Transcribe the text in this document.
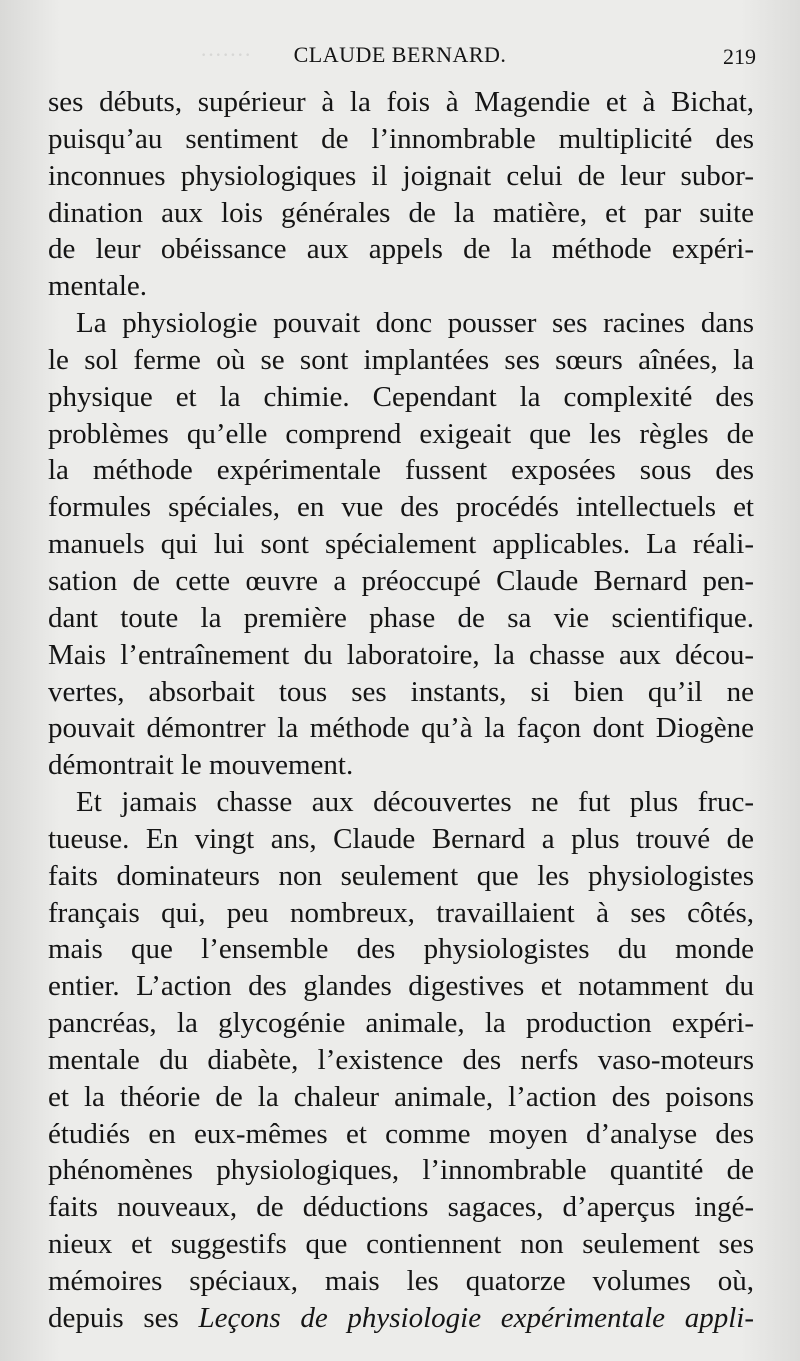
·······	CLAUDE BERNARD.	219
ses débuts, supérieur à la fois à Magendie et à Bichat,
puisqu’au sentiment de l’innombrable multiplicité des
inconnues physiologiques il joignait celui de leur subor-
dination aux lois générales de la matière, et par suite
de leur obéissance aux appels de la méthode expéri-
mentale.
La physiologie pouvait donc pousser ses racines dans
le sol ferme où se sont implantées ses sœurs aînées, la
physique et la chimie. Cependant la complexité des
problèmes qu’elle comprend exigeait que les règles de
la méthode expérimentale fussent exposées sous des
formules spéciales, en vue des procédés intellectuels et
manuels qui lui sont spécialement applicables. La réali-
sation de cette œuvre a préoccupé Claude Bernard pen-
dant toute la première phase de sa vie scientifique.
Mais l’entraînement du laboratoire, la chasse aux décou-
vertes, absorbait tous ses instants, si bien qu’il ne
pouvait démontrer la méthode qu’à la façon dont Diogène
démontrait le mouvement.
Et jamais chasse aux découvertes ne fut plus fruc-
tueuse. En vingt ans, Claude Bernard a plus trouvé de
faits dominateurs non seulement que les physiologistes
français qui, peu nombreux, travaillaient à ses côtés,
mais que l’ensemble des physiologistes du monde
entier. L’action des glandes digestives et notamment du
pancréas, la glycogénie animale, la production expéri-
mentale du diabète, l’existence des nerfs vaso-moteurs
et la théorie de la chaleur animale, l’action des poisons
étudiés en eux-mêmes et comme moyen d’analyse des
phénomènes physiologiques, l’innombrable quantité de
faits nouveaux, de déductions sagaces, d’aperçus ingé-
nieux et suggestifs que contiennent non seulement ses
mémoires spéciaux, mais les quatorze volumes où,
depuis ses Leçons de physiologie expérimentale appli-
